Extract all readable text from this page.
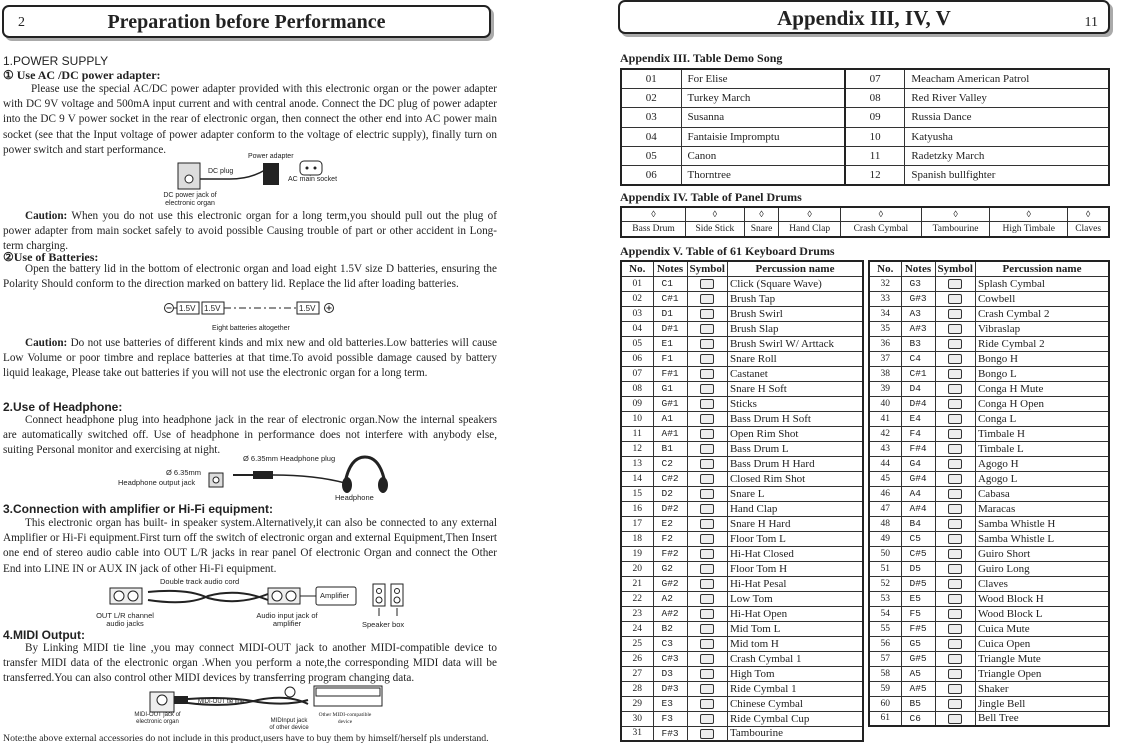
2	Preparation before Performance
1.POWER SUPPLY
① Use AC /DC power adapter:
Please use the special AC/DC power adapter provided with this electronic organ or the power adapter with DC 9V voltage and 500mA input current and with central anode. Connect the DC plug of power adapter into the DC 9 V power socket in the rear of electronic organ, then connect the other end into AC power main socket (see that the Input voltage of power adapter conform to the voltage of electric supply), finally turn on power switch and start performance.
Power adapter
DC plug
AC main socket
DC power jack of electronic organ
Caution: When you do not use this electronic organ for a long term,you should pull out the plug of power adapter from main socket safely to avoid possible Causing trouble of part or other accident in Long-term charging.
②Use of Batteries:
Open the battery lid in the bottom of electronic organ and load eight 1.5V size D batteries, ensuring the Polarity Should conform to the direction marked on battery lid. Replace the lid after loading batteries.
1.5V 1.5V	1.5V
Eight batteries altogether
Caution: Do not use batteries of different kinds and mix new and old batteries.Low batteries will cause Low Volume or poor timbre and replace batteries at that time.To avoid possible damage caused by battery liquid leakage, Please take out batteries if you will not use the electronic organ for a long term.
2.Use of Headphone:
Connect headphone plug into headphone jack in the rear of electronic organ.Now the internal speakers are automatically switched off. Use of headphone in performance does not interfere with anybody else, suiting Personal monitor and exercising at night.
Ø 6.35mm Headphone plug
Ø 6.35mm
Headphone output jack
Headphone
3.Connection with amplifier or Hi-Fi equipment:
This electronic organ has built- in speaker system.Alternatively,it can also be connected to any external Amplifier or Hi-Fi equipment.First turn off the switch of electronic organ and external Equipment,Then Insert one end of stereo audio cable into OUT L/R jacks in rear panel Of electronic Organ and connect the Other End into LINE IN or AUX IN jack of other Hi-Fi equipment.
Double track audio cord
OUT L/R channel audio jacks
Amplifier
Audio input jack of amplifier	Speaker box
4.MIDI Output:
By Linking MIDI tie line ,you may connect MIDI-OUT jack to another MIDI-compatible device to transfer MIDI data of the electronic organ .When you perform a note,the corresponding MIDI data will be transferred.You can also control other MIDI devices by transferring program changing data.
MIDI-OUT tie line
MIDI-OUT jack of electronic organ	MIDInput jack of other device
Other MIDI-compatible device
Note:the above external accessories do not include in this product,users have to buy them by himself/herself pls understand.
Appendix III, IV, V	11
Appendix III. Table Demo Song
01	For Elise	07	Meacham American Patrol
02	Turkey March	08	Red River Valley
03	Susanna	09	Russia Dance
04	Fantaisie Impromptu	10	Katyusha
05	Canon	11	Radetzky March
06	Thorntree	12	Spanish bullfighter
Appendix IV. Table of Panel Drums
◊	◊	◊	◊	◊	◊	◊	◊
Bass Drum	Side Stick	Snare	Hand Clap	Crash Cymbal	Tambourine	High Timbale	Claves
Appendix V. Table of 61 Keyboard Drums
No.	Notes	Symbol	Percussion name
01	C1		Click (Square Wave)
02	C#1		Brush Tap
03	D1		Brush Swirl
04	D#1		Brush Slap
05	E1		Brush Swirl W/ Arttack
06	F1		Snare Roll
07	F#1		Castanet
08	G1		Snare H Soft
09	G#1		Sticks
10	A1		Bass Drum H Soft
11	A#1		Open Rim Shot
12	B1		Bass Drum L
13	C2		Bass Drum H Hard
14	C#2		Closed Rim Shot
15	D2		Snare L
16	D#2		Hand Clap
17	E2		Snare H Hard
18	F2		Floor Tom L
19	F#2		Hi-Hat Closed
20	G2		Floor Tom H
21	G#2		Hi-Hat Pesal
22	A2		Low Tom
23	A#2		Hi-Hat Open
24	B2		Mid Tom L
25	C3		Mid tom H
26	C#3		Crash Cymbal 1
27	D3		High Tom
28	D#3		Ride Cymbal 1
29	E3		Chinese Cymbal
30	F3		Ride Cymbal Cup
31	F#3		Tambourine
No.	Notes	Symbol	Percussion name
32	G3		Splash Cymbal
33	G#3		Cowbell
34	A3		Crash Cymbal 2
35	A#3		Vibraslap
36	B3		Ride Cymbal 2
37	C4		Bongo H
38	C#1		Bongo L
39	D4		Conga H Mute
40	D#4		Conga H Open
41	E4		Conga L
42	F4		Timbale H
43	F#4		Timbale L
44	G4		Agogo H
45	G#4		Agogo L
46	A4		Cabasa
47	A#4		Maracas
48	B4		Samba Whistle H
49	C5		Samba Whistle L
50	C#5		Guiro Short
51	D5		Guiro Long
52	D#5		Claves
53	E5		Wood Block H
54	F5		Wood Block L
55	F#5		Cuica Mute
56	G5		Cuica Open
57	G#5		Triangle Mute
58	A5		Triangle Open
59	A#5		Shaker
60	B5		Jingle Bell
61	C6		Bell Tree
